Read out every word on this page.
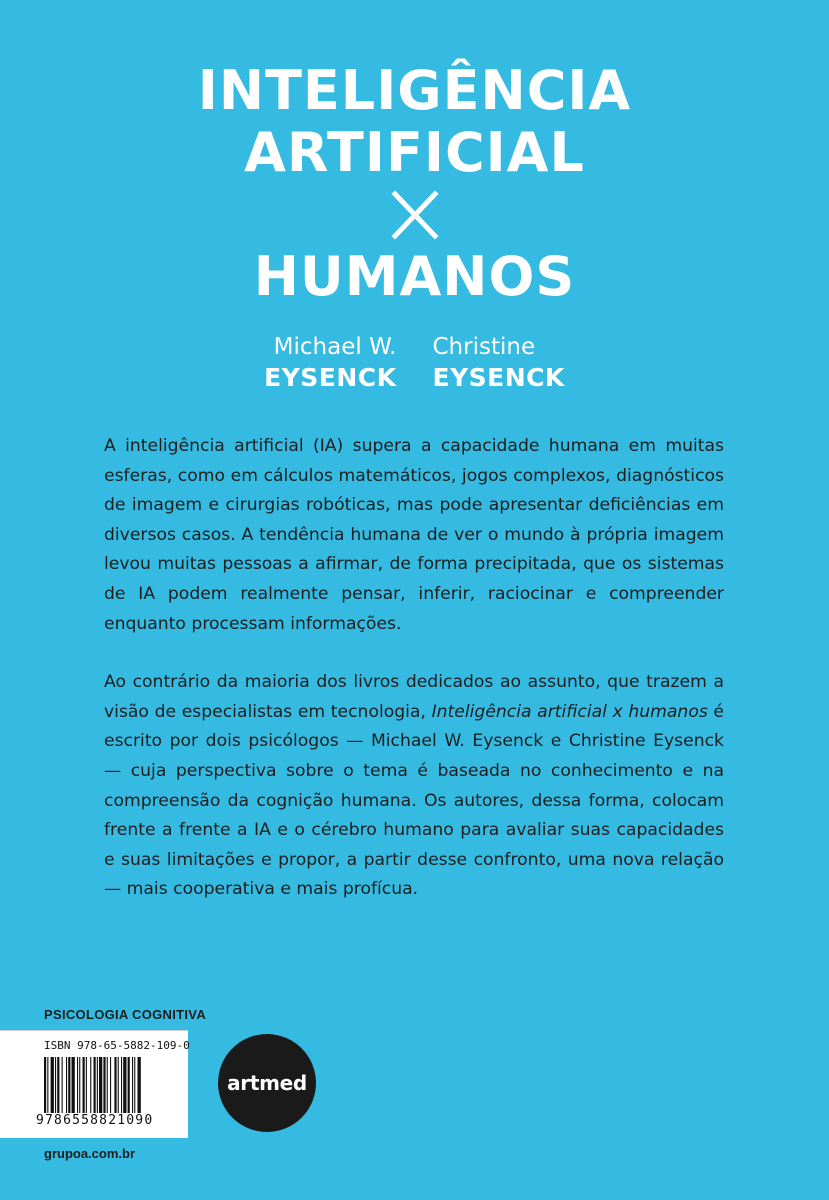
INTELIGÊNCIA
ARTIFICIAL
HUMANOS
Michael W.
EYSENCK
Christine
EYSENCK

A inteligência artificial (IA) supera a capacidade humana em muitas esferas, como em cálculos matemáticos, jogos complexos, diagnósticos de imagem e cirurgias robóticas, mas pode apresentar deficiências em diversos casos. A tendência humana de ver o mundo à própria imagem levou muitas pessoas a afirmar, de forma precipitada, que os sistemas de IA podem realmente pensar, inferir, raciocinar e compreender enquanto processam informações.

Ao contrário da maioria dos livros dedicados ao assunto, que trazem a visão de especialistas em tecnologia, Inteligência artificial x humanos é escrito por dois psicólogos — Michael W. Eysenck e Christine Eysenck — cuja perspectiva sobre o tema é baseada no conhecimento e na compreensão da cognição humana. Os autores, dessa forma, colocam frente a frente a IA e o cérebro humano para avaliar suas capacidades e suas limitações e propor, a partir desse confronto, uma nova relação — mais cooperativa e mais profícua.

PSICOLOGIA COGNITIVA
ISBN 978-65-5882-109-0
9786558821090
artmed
grupoa.com.br
